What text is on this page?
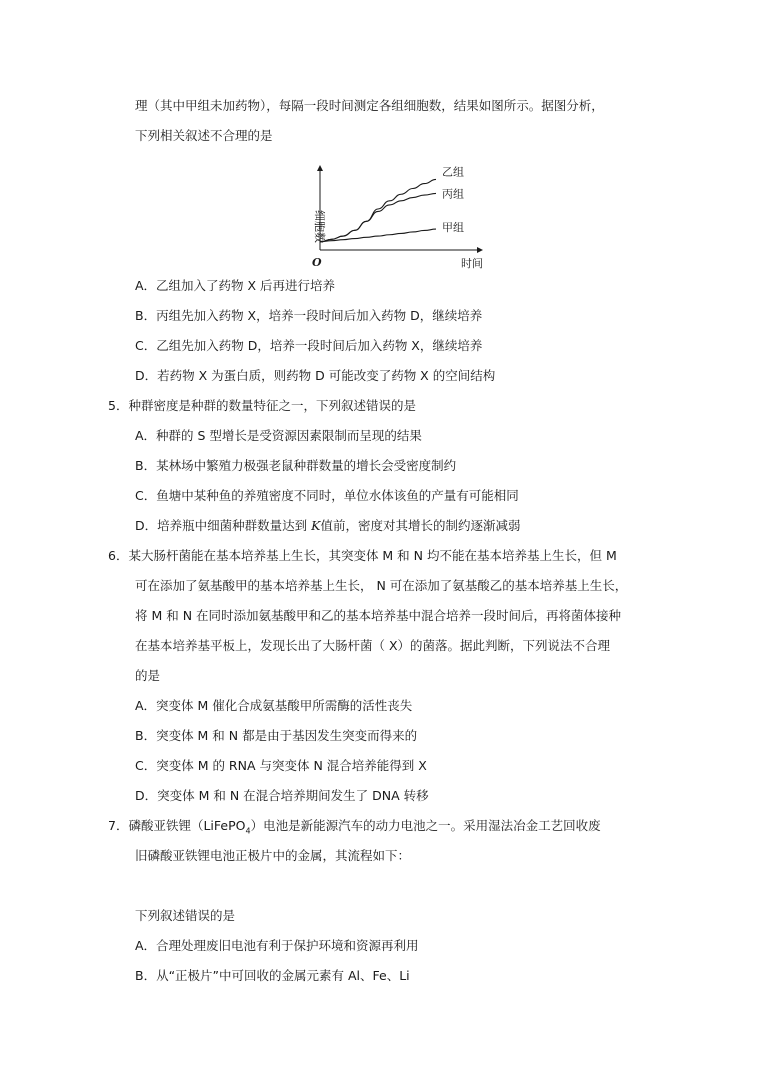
理（其中甲组未加药物），每隔一段时间测定各组细胞数，结果如图所示。据图分析，
下列相关叙述不合理的是
细胞数
时间
O
乙组
丙组
甲组
A．乙组加入了药物 X 后再进行培养
B．丙组先加入药物 X，培养一段时间后加入药物 D，继续培养
C．乙组先加入药物 D，培养一段时间后加入药物 X，继续培养
D．若药物 X 为蛋白质，则药物 D 可能改变了药物 X 的空间结构
5．种群密度是种群的数量特征之一，下列叙述错误的是
A．种群的 S 型增长是受资源因素限制而呈现的结果
B．某林场中繁殖力极强老鼠种群数量的增长会受密度制约
C．鱼塘中某种鱼的养殖密度不同时，单位水体该鱼的产量有可能相同
D．培养瓶中细菌种群数量达到 K值前，密度对其增长的制约逐渐减弱
6．某大肠杆菌能在基本培养基上生长，其突变体 M 和 N 均不能在基本培养基上生长，但 M
可在添加了氨基酸甲的基本培养基上生长， N 可在添加了氨基酸乙的基本培养基上生长，
将 M 和 N 在同时添加氨基酸甲和乙的基本培养基中混合培养一段时间后，再将菌体接种
在基本培养基平板上，发现长出了大肠杆菌（ X）的菌落。据此判断，下列说法不合理
的是
A．突变体 M 催化合成氨基酸甲所需酶的活性丧失
B．突变体 M 和 N 都是由于基因发生突变而得来的
C．突变体 M 的 RNA 与突变体 N 混合培养能得到 X
D．突变体 M 和 N 在混合培养期间发生了 DNA 转移
7．磷酸亚铁锂（LiFePO$_4$）电池是新能源汽车的动力电池之一。采用湿法冶金工艺回收废
旧磷酸亚铁锂电池正极片中的金属，其流程如下：
下列叙述错误的是
A．合理处理废旧电池有利于保护环境和资源再利用
B．从“正极片”中可回收的金属元素有 Al、Fe、Li
